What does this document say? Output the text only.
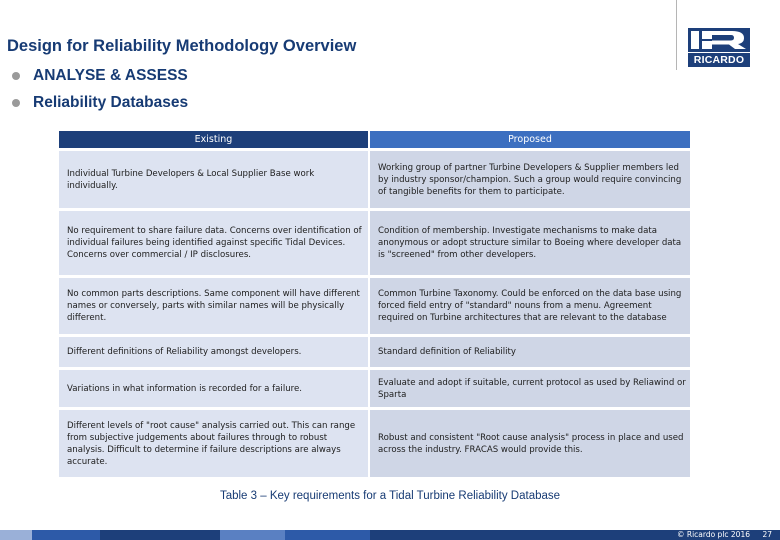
Design for Reliability Methodology Overview
RICARDO
ANALYSE & ASSESS
Reliability Databases
Existing	Proposed
Individual Turbine Developers & Local Supplier Base work individually.
Working group of partner Turbine Developers & Supplier members led by industry sponsor/champion. Such a group would require convincing of tangible benefits for them to participate.
No requirement to share failure data. Concerns over identification of individual failures being identified against specific Tidal Devices. Concerns over commercial / IP disclosures.
Condition of membership. Investigate mechanisms to make data anonymous or adopt structure similar to Boeing where developer data is "screened" from other developers.
No common parts descriptions. Same component will have different names or conversely, parts with similar names will be physically different.
Common Turbine Taxonomy. Could be enforced on the data base using forced field entry of "standard" nouns from a menu. Agreement required on Turbine architectures that are relevant to the database
Different definitions of Reliability amongst developers.	Standard definition of Reliability
Variations in what information is recorded for a failure.
Evaluate and adopt if suitable, current protocol as used by Reliawind or Sparta
Different levels of "root cause" analysis carried out. This can range from subjective judgements about failures through to robust analysis. Difficult to determine if failure descriptions are always accurate.
Robust and consistent "Root cause analysis" process in place and used across the industry. FRACAS would provide this.
Table 3 – Key requirements for a Tidal Turbine Reliability Database
© Ricardo plc 2016 27
